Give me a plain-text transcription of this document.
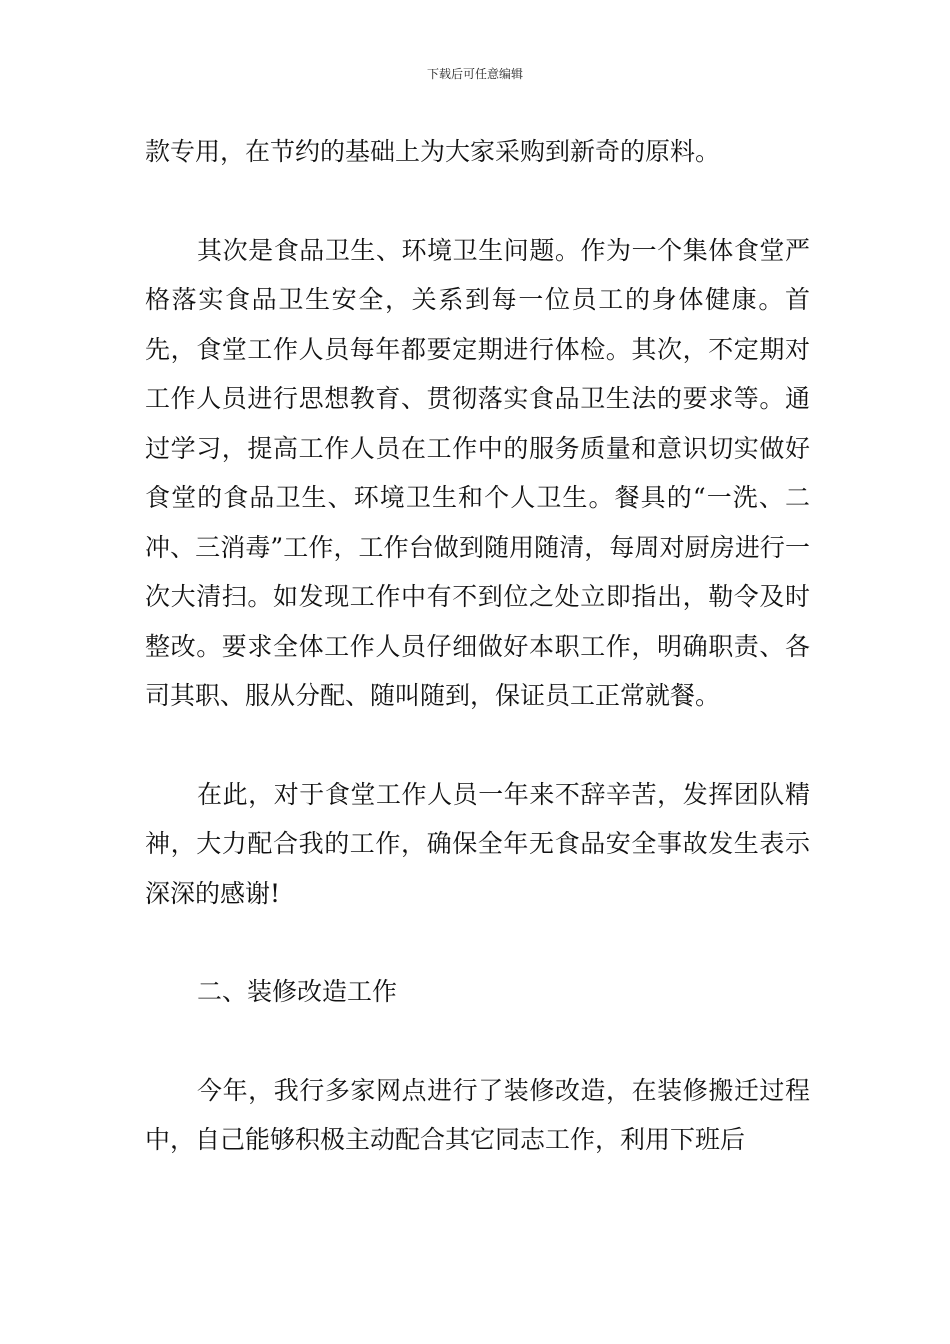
下载后可任意编辑

款专用，在节约的基础上为大家采购到新奇的原料。

其次是食品卫生、环境卫生问题。作为一个集体食堂严格落实食品卫生安全，关系到每一位员工的身体健康。首先，食堂工作人员每年都要定期进行体检。其次，不定期对工作人员进行思想教育、贯彻落实食品卫生法的要求等。通过学习，提高工作人员在工作中的服务质量和意识切实做好食堂的食品卫生、环境卫生和个人卫生。餐具的“一洗、二冲、三消毒”工作，工作台做到随用随清，每周对厨房进行一次大清扫。如发现工作中有不到位之处立即指出，勒令及时整改。要求全体工作人员仔细做好本职工作，明确职责、各司其职、服从分配、随叫随到，保证员工正常就餐。

在此，对于食堂工作人员一年来不辞辛苦，发挥团队精神，大力配合我的工作，确保全年无食品安全事故发生表示深深的感谢!

二、装修改造工作

今年，我行多家网点进行了装修改造，在装修搬迁过程中，自己能够积极主动配合其它同志工作，利用下班后
